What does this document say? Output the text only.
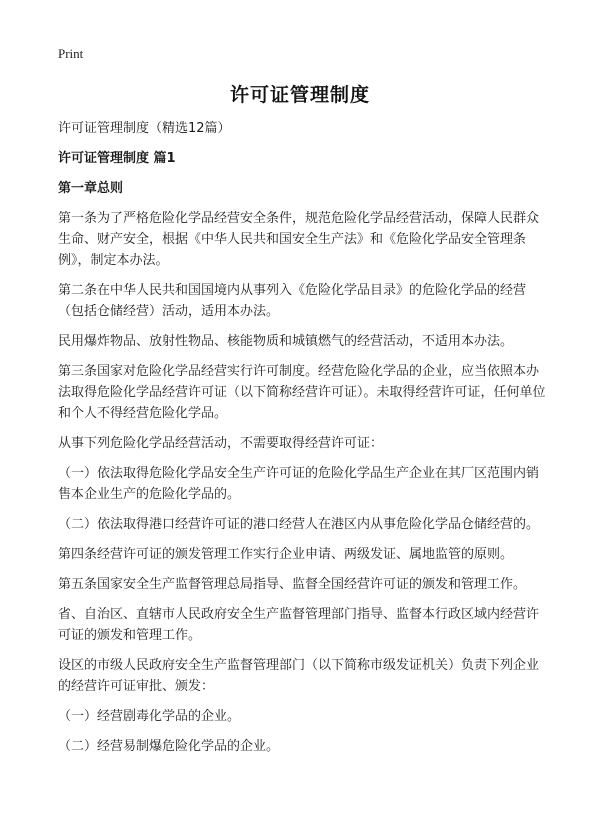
Print
许可证管理制度

许可证管理制度（精选12篇）

许可证管理制度 篇1

第一章总则

第一条为了严格危险化学品经营安全条件，规范危险化学品经营活动，保障人民群众生命、财产安全，根据《中华人民共和国安全生产法》和《危险化学品安全管理条例》，制定本办法。

第二条在中华人民共和国国境内从事列入《危险化学品目录》的危险化学品的经营（包括仓储经营）活动，适用本办法。

民用爆炸物品、放射性物品、核能物质和城镇燃气的经营活动，不适用本办法。

第三条国家对危险化学品经营实行许可制度。经营危险化学品的企业，应当依照本办法取得危险化学品经营许可证（以下简称经营许可证）。未取得经营许可证，任何单位和个人不得经营危险化学品。

从事下列危险化学品经营活动，不需要取得经营许可证：

（一）依法取得危险化学品安全生产许可证的危险化学品生产企业在其厂区范围内销售本企业生产的危险化学品的。

（二）依法取得港口经营许可证的港口经营人在港区内从事危险化学品仓储经营的。

第四条经营许可证的颁发管理工作实行企业申请、两级发证、属地监管的原则。

第五条国家安全生产监督管理总局指导、监督全国经营许可证的颁发和管理工作。

省、自治区、直辖市人民政府安全生产监督管理部门指导、监督本行政区域内经营许可证的颁发和管理工作。

设区的市级人民政府安全生产监督管理部门（以下简称市级发证机关）负责下列企业的经营许可证审批、颁发：

（一）经营剧毒化学品的企业。

（二）经营易制爆危险化学品的企业。
